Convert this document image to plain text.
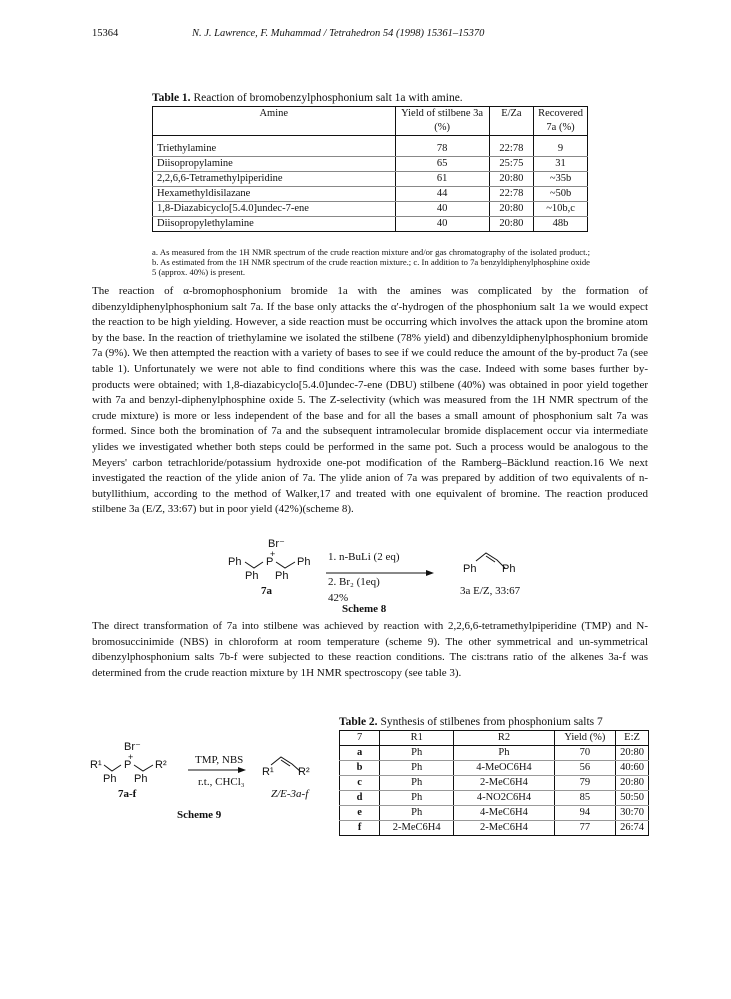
15364	N. J. Lawrence, F. Muhammad / Tetrahedron 54 (1998) 15361–15370
Table 1. Reaction of bromobenzylphosphonium salt 1a with amine.
Amine	Yield of stilbene 3a (%)	E/Za	Recovered 7a (%)
Triethylamine	78	22:78	9
Diisopropylamine	65	25:75	31
2,2,6,6-Tetramethylpiperidine	61	20:80	~35b
Hexamethyldisilazane	44	22:78	~50b
1,8-Diazabicyclo[5.4.0]undec-7-ene	40	20:80	~10b,c
Diisopropylethylamine	40	20:80	48b
a. As measured from the 1H NMR spectrum of the crude reaction mixture and/or gas chromatography of the isolated product.; b. As estimated from the 1H NMR spectrum of the crude reaction mixture.; c. In addition to 7a benzyldiphenylphosphine oxide 5 (approx. 40%) is present.
The reaction of α-bromophosphonium bromide 1a with the amines was complicated by the formation of dibenzyldiphenylphosphonium salt 7a. If the base only attacks the α'-hydrogen of the phosphonium salt 1a we would expect the reaction to be high yielding. However, a side reaction must be occurring which involves the attack upon the bromine atom by the base. In the reaction of triethylamine we isolated the stilbene (78% yield) and dibenzyldiphenylphosphonium bromide 7a (9%). We then attempted the reaction with a variety of bases to see if we could reduce the amount of the by-product 7a (see table 1). Unfortunately we were not able to find conditions where this was the case. Indeed with some bases further by-products were obtained; with 1,8-diazabicyclo[5.4.0]undec-7-ene (DBU) stilbene (40%) was obtained in poor yield together with 7a and benzyl-diphenylphosphine oxide 5. The Z-selectivity (which was measured from the 1H NMR spectrum of the crude mixture) is more or less independent of the base and for all the bases a small amount of phosphonium salt 7a was formed. Since both the bromination of 7a and the subsequent intramolecular bromide displacement occur via intermediate ylides we investigated whether both steps could be performed in the same pot. Such a process would be analogous to the Meyers' carbon tetrachloride/potassium hydroxide one-pot modification of the Ramberg–Bäcklund reaction.16 We next investigated the reaction of the ylide anion of 7a. The ylide anion of 7a was prepared by addition of two equivalents of n-butyllithium, according to the method of Walker,17 and treated with one equivalent of bromine. The reaction produced stilbene 3a (E/Z, 33:67) but in poor yield (42%)(scheme 8).
Br⁻
Ph
+
P Ph
Ph Ph
1. n-BuLi (2 eq)
2. Br₂ (1eq)
42%
7a
Ph Ph
3a E/Z, 33:67
Scheme 8
The direct transformation of 7a into stilbene was achieved by reaction with 2,2,6,6-tetramethylpiperidine (TMP) and N-bromosuccinimide (NBS) in chloroform at room temperature (scheme 9). The other symmetrical and un-symmetrical dibenzylphosphonium salts 7b-f were subjected to these reaction conditions. The cis:trans ratio of the alkenes 3a-f was determined from the crude reaction mixture by 1H NMR spectroscopy (see table 3).
Br⁻
R¹
+
P R²
Ph Ph
TMP, NBS
r.t., CHCl₃
R¹ R²
7a-f	Z/E-3a-f
Scheme 9
Table 2. Synthesis of stilbenes from phosphonium salts 7
7	R1	R2	Yield (%)	E:Z
a	Ph	Ph	70	20:80
b	Ph	4-MeOC6H4	56	40:60
c	Ph	2-MeC6H4	79	20:80
d	Ph	4-NO2C6H4	85	50:50
e	Ph	4-MeC6H4	94	30:70
f	2-MeC6H4	2-MeC6H4	77	26:74
